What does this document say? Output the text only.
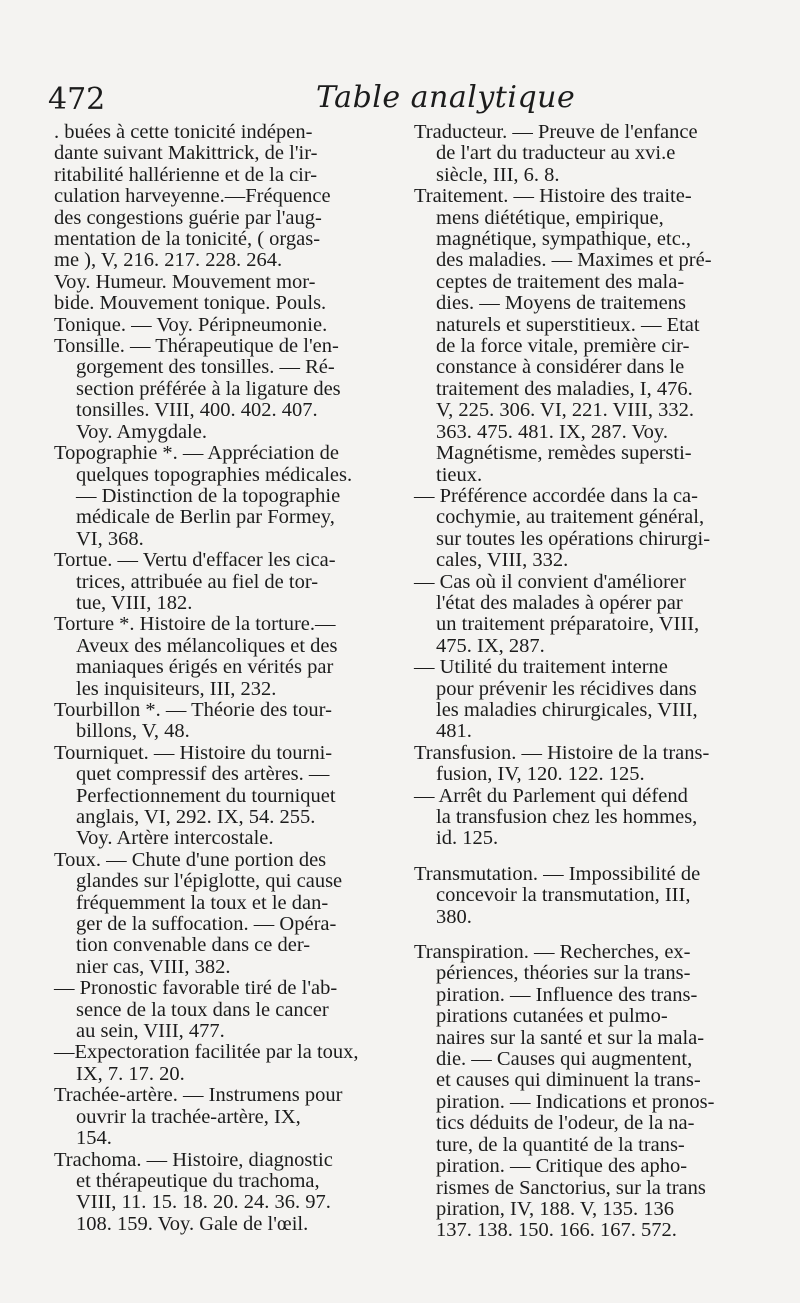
472	Table analytique
. buées à cette tonicité indépen-
dante suivant Makittrick, de l'ir-
ritabilité hallérienne et de la cir-
culation harveyenne.—Fréquence
des congestions guérie par l'aug-
mentation de la tonicité, ( orgas-
me ), V, 216. 217. 228. 264.
Voy. Humeur. Mouvement mor-
bide. Mouvement tonique. Pouls.
Tonique. — Voy. Péripneumonie.
Tonsille. — Thérapeutique de l'en-
gorgement des tonsilles. — Ré-
section préférée à la ligature des
tonsilles. VIII, 400. 402. 407.
Voy. Amygdale.
Topographie *. — Appréciation de
quelques topographies médicales.
— Distinction de la topographie
médicale de Berlin par Formey,
VI, 368.
Tortue. — Vertu d'effacer les cica-
trices, attribuée au fiel de tor-
tue, VIII, 182.
Torture *. Histoire de la torture.—
Aveux des mélancoliques et des
maniaques érigés en vérités par
les inquisiteurs, III, 232.
Tourbillon *. — Théorie des tour-
billons, V, 48.
Tourniquet. — Histoire du tourni-
quet compressif des artères. —
Perfectionnement du tourniquet
anglais, VI, 292. IX, 54. 255.
Voy. Artère intercostale.
Toux. — Chute d'une portion des
glandes sur l'épiglotte, qui cause
fréquemment la toux et le dan-
ger de la suffocation. — Opéra-
tion convenable dans ce der-
nier cas, VIII, 382.
— Pronostic favorable tiré de l'ab-
sence de la toux dans le cancer
au sein, VIII, 477.
—Expectoration facilitée par la toux,
IX, 7. 17. 20.
Trachée-artère. — Instrumens pour
ouvrir la trachée-artère, IX,
154.
Trachoma. — Histoire, diagnostic
et thérapeutique du trachoma,
VIII, 11. 15. 18. 20. 24. 36. 97.
108. 159. Voy. Gale de l'œil.
Traducteur. — Preuve de l'enfance
de l'art du traducteur au xvi.e
siècle, III, 6. 8.
Traitement. — Histoire des traite-
mens diététique, empirique,
magnétique, sympathique, etc.,
des maladies. — Maximes et pré-
ceptes de traitement des mala-
dies. — Moyens de traitemens
naturels et superstitieux. — Etat
de la force vitale, première cir-
constance à considérer dans le
traitement des maladies, I, 476.
V, 225. 306. VI, 221. VIII, 332.
363. 475. 481. IX, 287. Voy.
Magnétisme, remèdes supersti-
tieux.
— Préférence accordée dans la ca-
cochymie, au traitement général,
sur toutes les opérations chirurgi-
cales, VIII, 332.
— Cas où il convient d'améliorer
l'état des malades à opérer par
un traitement préparatoire, VIII,
475. IX, 287.
— Utilité du traitement interne
pour prévenir les récidives dans
les maladies chirurgicales, VIII,
481.
Transfusion. — Histoire de la trans-
fusion, IV, 120. 122. 125.
— Arrêt du Parlement qui défend
la transfusion chez les hommes,
id. 125.
Transmutation. — Impossibilité de
concevoir la transmutation, III,
380.
Transpiration. — Recherches, ex-
périences, théories sur la trans-
piration. — Influence des trans-
pirations cutanées et pulmo-
naires sur la santé et sur la mala-
die. — Causes qui augmentent,
et causes qui diminuent la trans-
piration. — Indications et pronos-
tics déduits de l'odeur, de la na-
ture, de la quantité de la trans-
piration. — Critique des apho-
rismes de Sanctorius, sur la trans
piration, IV, 188. V, 135. 136
137. 138. 150. 166. 167. 572.
